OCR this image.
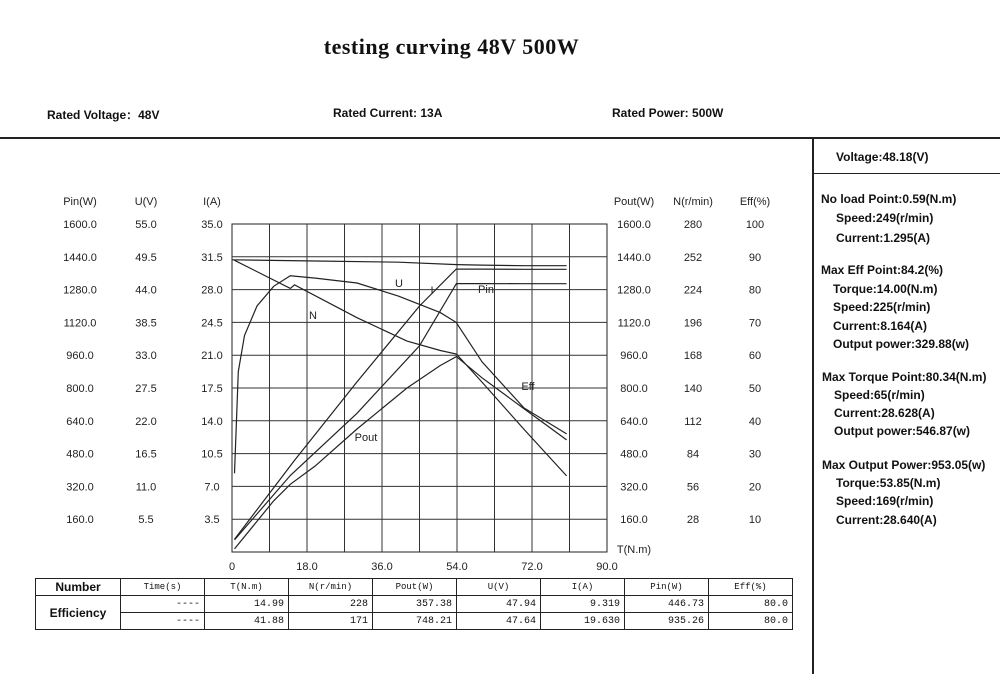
testing curving 48V 500W
Rated Voltage：48V	Rated Current: 13A	Rated Power: 500W
Voltage:48.18(V)
No load Point:0.59(N.m)
Speed:249(r/min)
Current:1.295(A)
Max Eff Point:84.2(%)
Torque:14.00(N.m)
Speed:225(r/min)
Current:8.164(A)
Output power:329.88(w)
Max Torque Point:80.34(N.m)
Speed:65(r/min)
Current:28.628(A)
Output power:546.87(w)
Max Output Power:953.05(w)
Torque:53.85(N.m)
Speed:169(r/min)
Current:28.640(A)
Pin(W)
1600.0
1440.0
1280.0
1120.0
960.0
800.0
640.0
480.0
320.0
160.0
U(V)
55.0
49.5
44.0
38.5
33.0
27.5
22.0
16.5
11.0
5.5
I(A)
35.0
31.5
28.0
24.5
21.0
17.5
14.0
10.5
7.0
3.5
Pout(W)
1600.0
1440.0
1280.0
1120.0
960.0
800.0
640.0
480.0
320.0
160.0
N(r/min)
280
252
224
196
168
140
112
84
56
28
Eff(%)
100
90
80
70
60
50
40
30
20
10
0	18.0	36.0	54.0	72.0	90.0
T(N.m)
U
I	Pin
N
Pout
Eff
Number	Time(s)	T(N.m)	N(r/min)	Pout(W)	U(V)	I(A)	Pin(W)	Eff(%)
Efficiency	----	14.99	228	357.38	47.94	9.319	446.73	80.0
	----	41.88	171	748.21	47.64	19.630	935.26	80.0
